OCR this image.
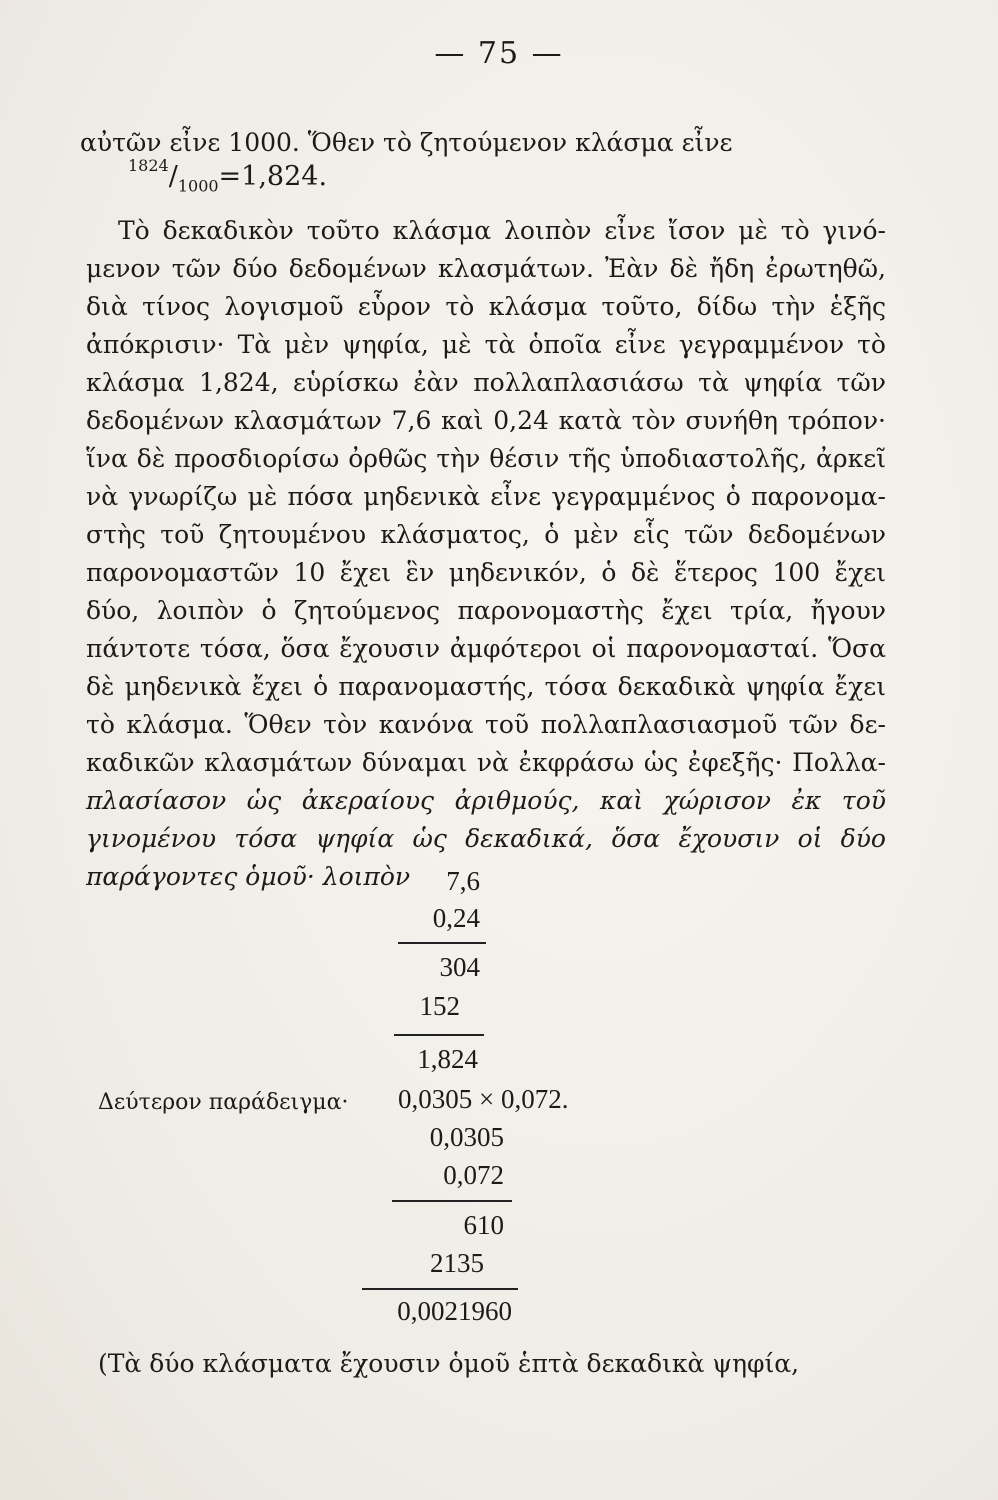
— 75 —
αὐτῶν εἶνε 1000. Ὅθεν τὸ ζητούμενον κλάσμα εἶνε
$^{1824}/_{1000}=1,824$.
Τὸ δεκαδικὸν τοῦτο κλάσμα λοιπὸν εἶνε ἴσον μὲ τὸ γινό-
μενον τῶν δύο δεδομένων κλασμάτων. Ἐὰν δὲ ἤδη ἐρωτηθῶ,
διὰ τίνος λογισμοῦ εὗρον τὸ κλάσμα τοῦτο, δίδω τὴν ἑξῆς
ἀπόκρισιν· Τὰ μὲν ψηφία, μὲ τὰ ὁποῖα εἶνε γεγραμμένον τὸ
κλάσμα 1,824, εὑρίσκω ἐὰν πολλαπλασιάσω τὰ ψηφία τῶν
δεδομένων κλασμάτων 7,6 καὶ 0,24 κατὰ τὸν συνήθη τρόπον·
ἵνα δὲ προσδιορίσω ὀρθῶς τὴν θέσιν τῆς ὑποδιαστολῆς, ἀρκεῖ
νὰ γνωρίζω μὲ πόσα μηδενικὰ εἶνε γεγραμμένος ὁ παρονομα-
στὴς τοῦ ζητουμένου κλάσματος, ὁ μὲν εἷς τῶν δεδομένων
παρονομαστῶν 10 ἔχει ἓν μηδενικόν, ὁ δὲ ἕτερος 100 ἔχει
δύο, λοιπὸν ὁ ζητούμενος παρονομαστὴς ἔχει τρία, ἤγουν
πάντοτε τόσα, ὅσα ἔχουσιν ἀμφότεροι οἱ παρονομασταί. Ὅσα
δὲ μηδενικὰ ἔχει ὁ παρανομαστής, τόσα δεκαδικὰ ψηφία ἔχει
τὸ κλάσμα. Ὅθεν τὸν κανόνα τοῦ πολλαπλασιασμοῦ τῶν δε-
καδικῶν κλασμάτων δύναμαι νὰ ἐκφράσω ὡς ἐφεξῆς· Πολλα-
πλασίασον ὡς ἀκεραίους ἀριθμούς, καὶ χώρισον ἐκ τοῦ
γινομένου τόσα ψηφία ὡς δεκαδικά, ὅσα ἔχουσιν οἱ δύο
παράγοντες ὁμοῦ· λοιπὸν	7,6
0,24
304
152
1,824
Δεύτερον παράδειγμα· 0,0305 × 0,072.
0,0305
0,072
610
2135
0,0021960
(Τὰ δύο κλάσματα ἔχουσιν ὁμοῦ ἑπτὰ δεκαδικὰ ψηφία,
